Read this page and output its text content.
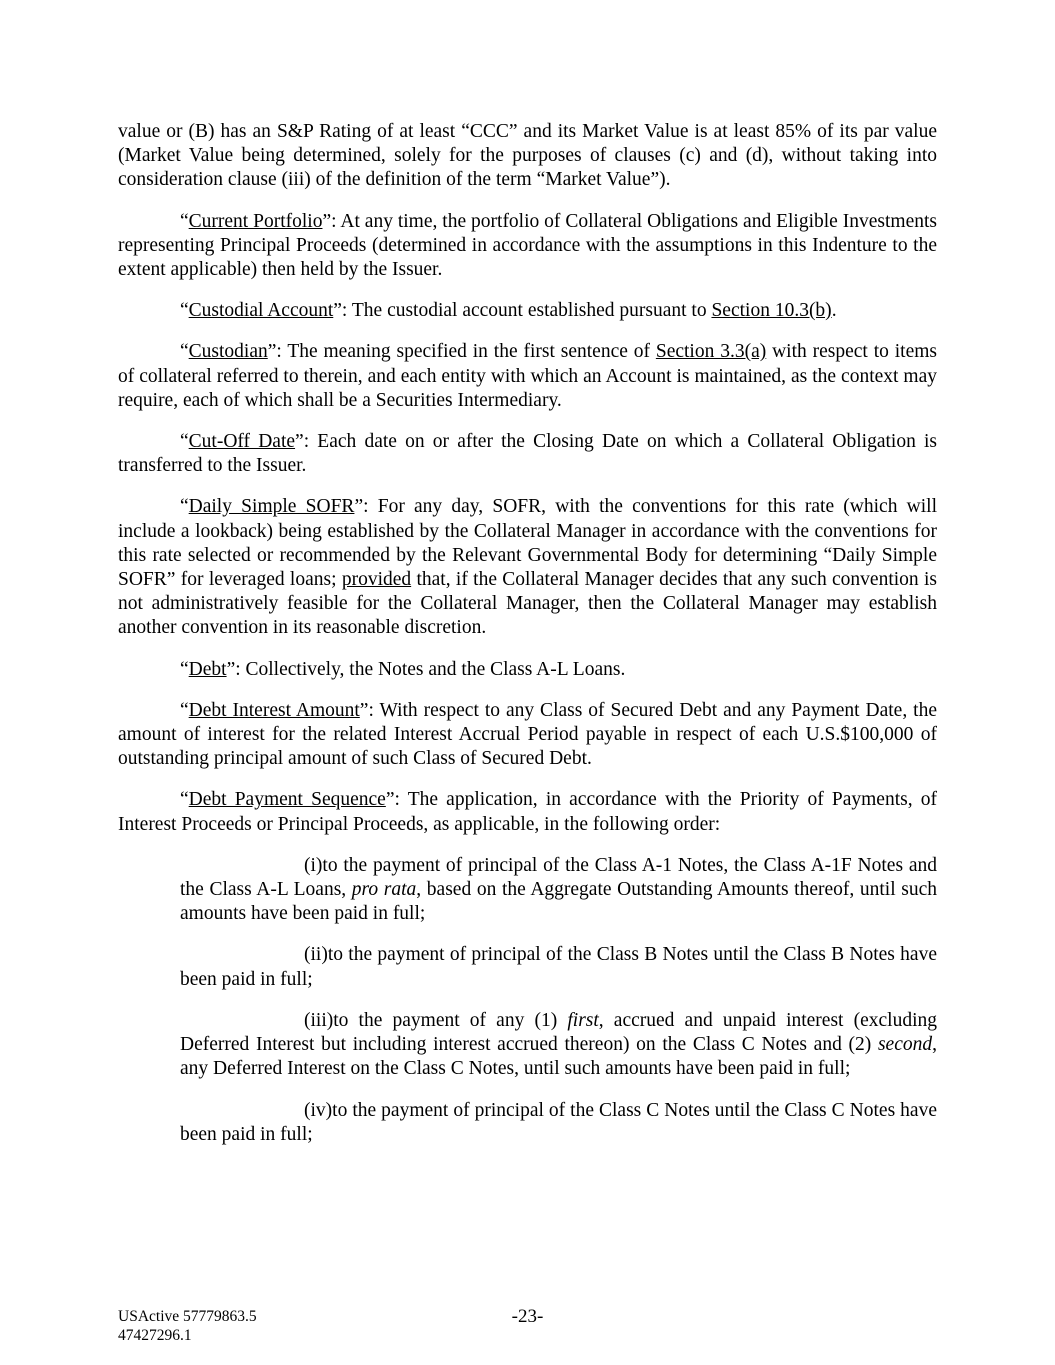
value or (B) has an S&P Rating of at least “CCC” and its Market Value is at least 85% of its par value (Market Value being determined, solely for the purposes of clauses (c) and (d), without taking into consideration clause (iii) of the definition of the term “Market Value”).

“Current Portfolio”: At any time, the portfolio of Collateral Obligations and Eligible Investments representing Principal Proceeds (determined in accordance with the assumptions in this Indenture to the extent applicable) then held by the Issuer.

“Custodial Account”: The custodial account established pursuant to Section 10.3(b).

“Custodian”: The meaning specified in the first sentence of Section 3.3(a) with respect to items of collateral referred to therein, and each entity with which an Account is maintained, as the context may require, each of which shall be a Securities Intermediary.

“Cut-Off Date”: Each date on or after the Closing Date on which a Collateral Obligation is transferred to the Issuer.

“Daily Simple SOFR”: For any day, SOFR, with the conventions for this rate (which will include a lookback) being established by the Collateral Manager in accordance with the conventions for this rate selected or recommended by the Relevant Governmental Body for determining “Daily Simple SOFR” for leveraged loans; provided that, if the Collateral Manager decides that any such convention is not administratively feasible for the Collateral Manager, then the Collateral Manager may establish another convention in its reasonable discretion.

“Debt”: Collectively, the Notes and the Class A-L Loans.

“Debt Interest Amount”: With respect to any Class of Secured Debt and any Payment Date, the amount of interest for the related Interest Accrual Period payable in respect of each U.S.$100,000 of outstanding principal amount of such Class of Secured Debt.

“Debt Payment Sequence”: The application, in accordance with the Priority of Payments, of Interest Proceeds or Principal Proceeds, as applicable, in the following order:

(i)to the payment of principal of the Class A-1 Notes, the Class A-1F Notes and the Class A-L Loans, pro rata, based on the Aggregate Outstanding Amounts thereof, until such amounts have been paid in full;

(ii)to the payment of principal of the Class B Notes until the Class B Notes have been paid in full;

(iii)to the payment of any (1) first, accrued and unpaid interest (excluding Deferred Interest but including interest accrued thereon) on the Class C Notes and (2) second, any Deferred Interest on the Class C Notes, until such amounts have been paid in full;

(iv)to the payment of principal of the Class C Notes until the Class C Notes have been paid in full;

USActive 57779863.5
47427296.1
-23-
